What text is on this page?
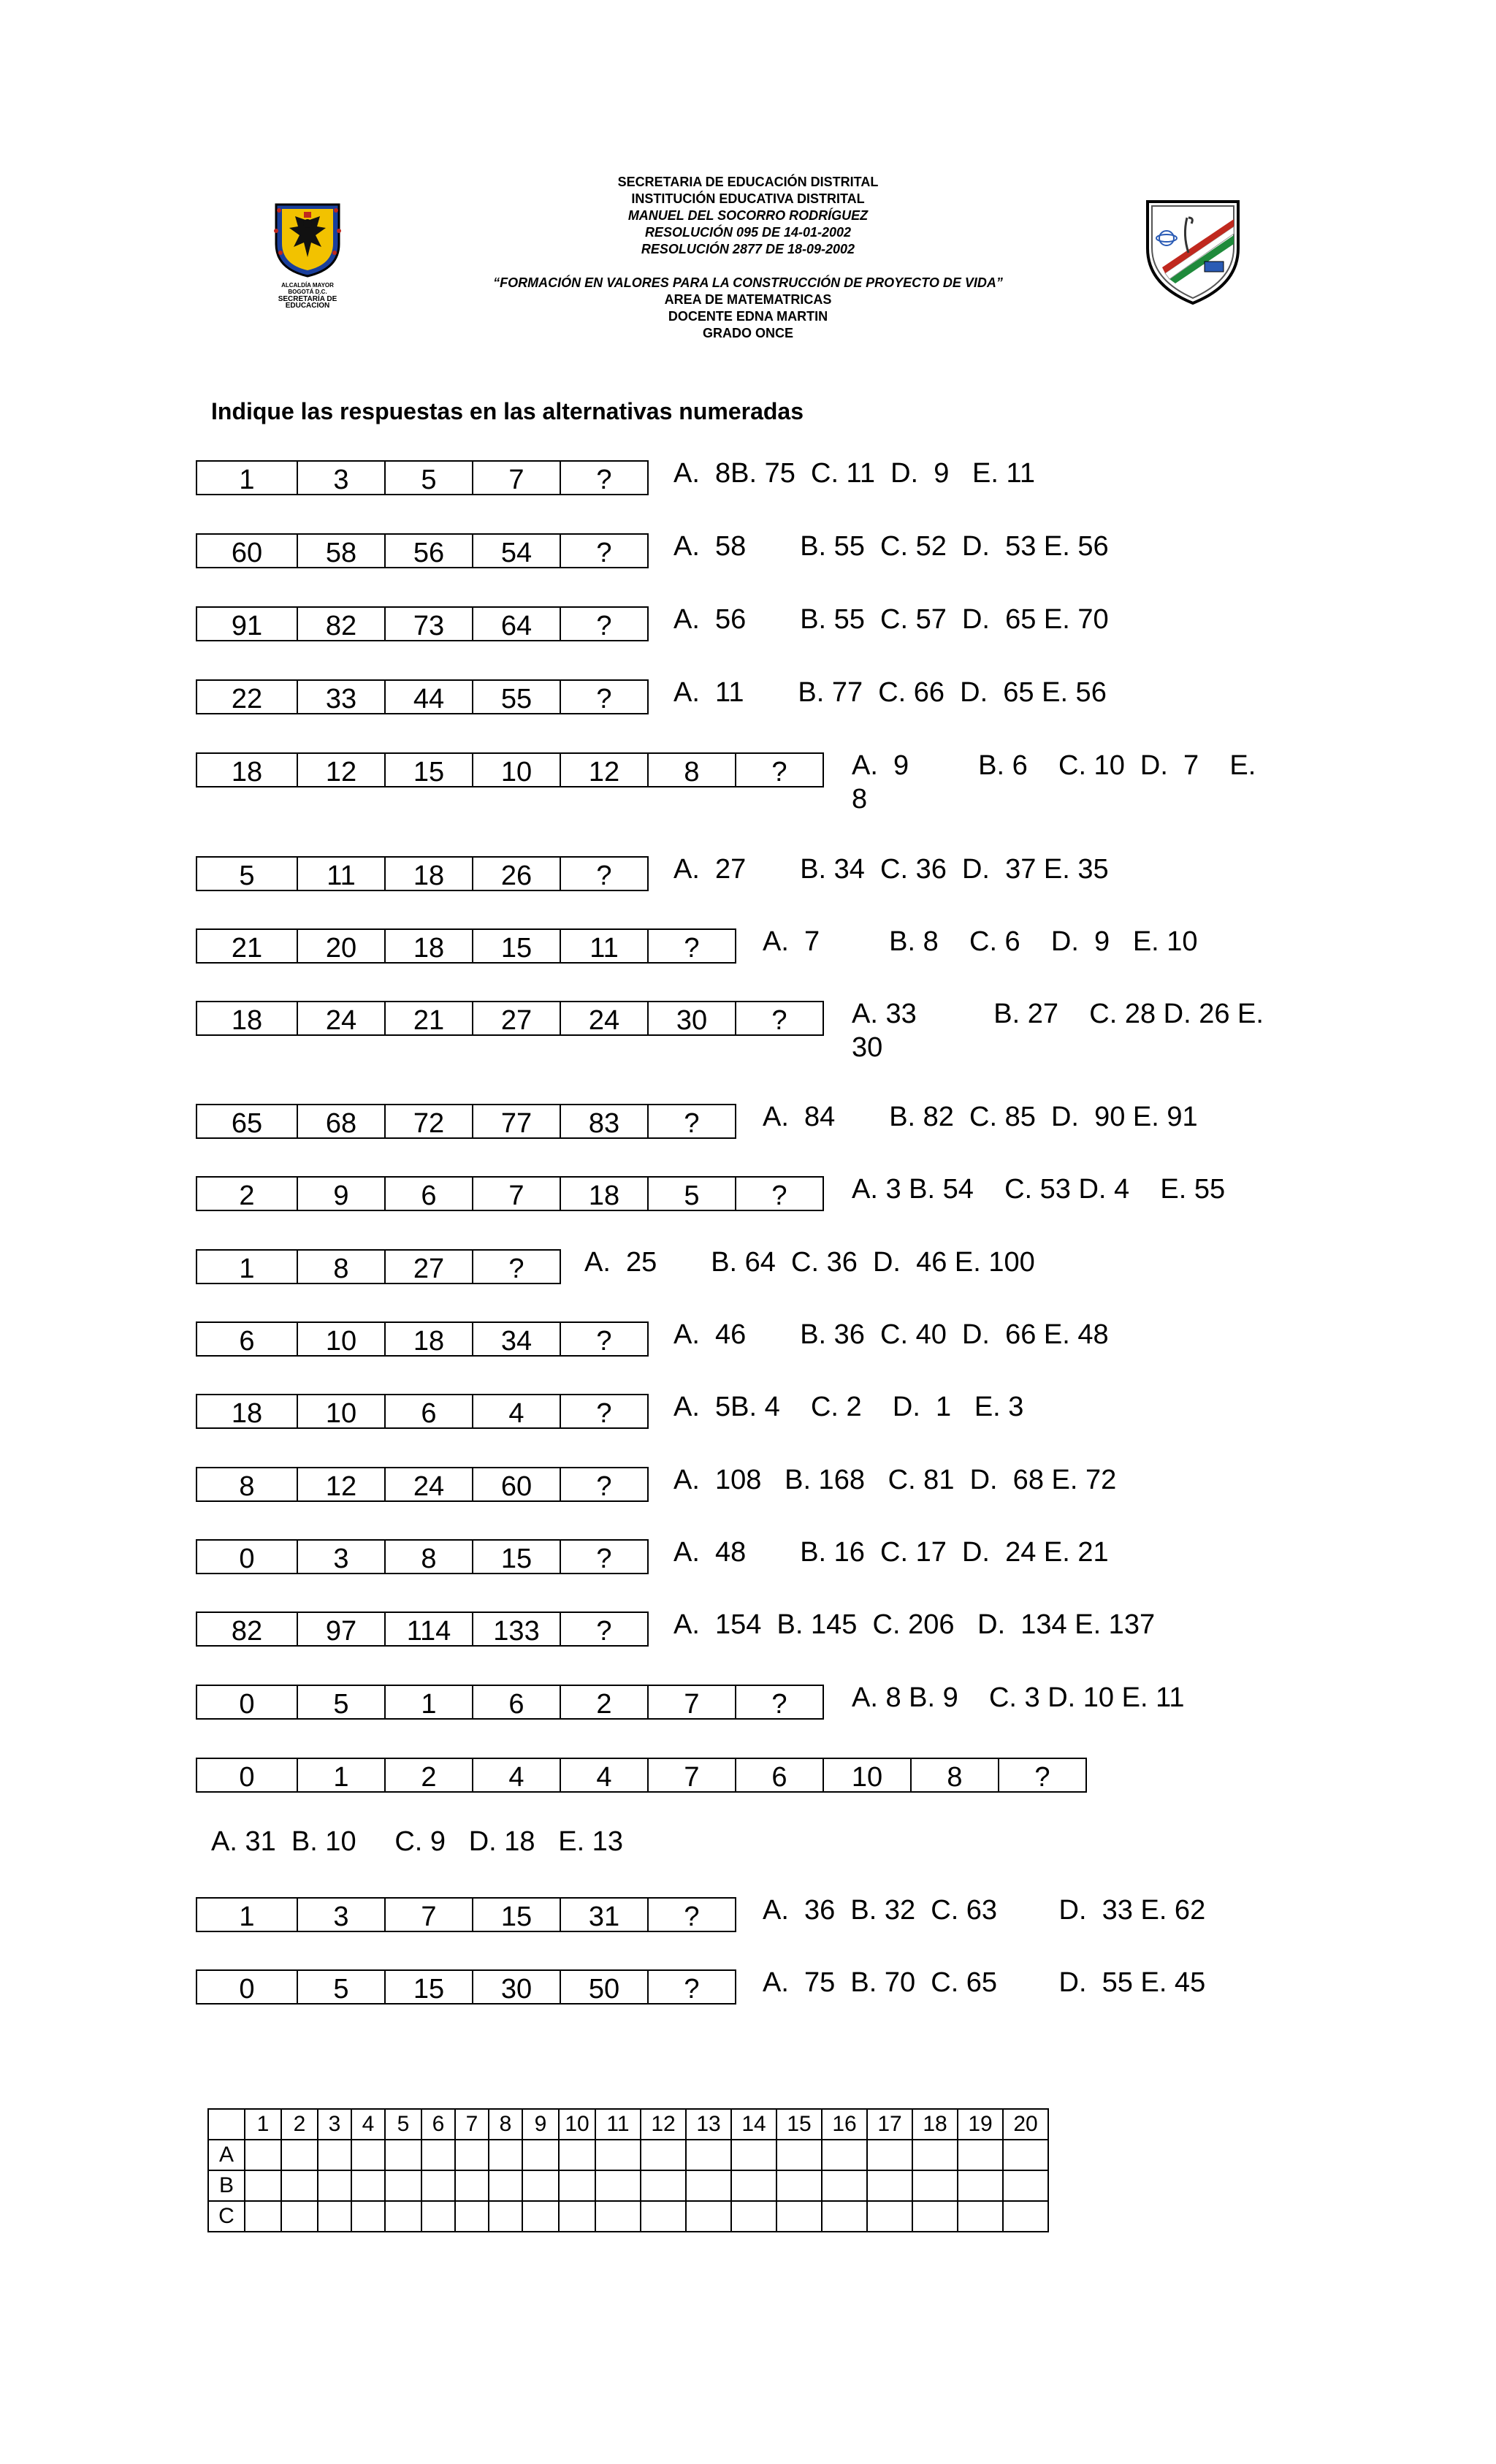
SECRETARIA DE EDUCACIÓN DISTRITAL
INSTITUCIÓN EDUCATIVA DISTRITAL
MANUEL DEL SOCORRO RODRÍGUEZ
RESOLUCIÓN 095 DE 14-01-2002
RESOLUCIÓN 2877 DE 18-09-2002
“FORMACIÓN EN VALORES PARA LA CONSTRUCCIÓN DE PROYECTO DE VIDA”
AREA DE MATEMATRICAS
DOCENTE EDNA MARTIN
GRADO ONCE
ALCALDÍA MAYOR
BOGOTÁ D.C.
SECRETARÍA DE EDUCACION
Indique las respuestas en las alternativas numeradas
1	3	5	7	?	A.  8B. 75  C. 11  D.  9   E. 11
60	58	56	54	?	A.  58       B. 55  C. 52  D.  53 E. 56
91	82	73	64	?	A.  56       B. 55  C. 57  D.  65 E. 70
22	33	44	55	?	A.  11       B. 77  C. 66  D.  65 E. 56
18	12	15	10	12	8	?	A.  9         B. 6    C. 10  D.  7    E.
8
5	11	18	26	?	A.  27       B. 34  C. 36  D.  37 E. 35
21	20	18	15	11	?	A.  7         B. 8    C. 6    D.  9   E. 10
18	24	21	27	24	30	?	A. 33          B. 27    C. 28 D. 26 E.
30
65	68	72	77	83	?	A.  84       B. 82  C. 85  D.  90 E. 91
2	9	6	7	18	5	?	A. 3 B. 54    C. 53 D. 4    E. 55
1	8	27	?	A.  25       B. 64  C. 36  D.  46 E. 100
6	10	18	34	?	A.  46       B. 36  C. 40  D.  66 E. 48
18	10	6	4	?	A.  5B. 4    C. 2    D.  1   E. 3
8	12	24	60	?	A.  108   B. 168   C. 81  D.  68 E. 72
0	3	8	15	?	A.  48       B. 16  C. 17  D.  24 E. 21
82	97	114	133	?	A.  154  B. 145  C. 206   D.  134 E. 137
0	5	1	6	2	7	?	A. 8 B. 9    C. 3 D. 10 E. 11
0	1	2	4	4	7	6	10	8	?
A. 31  B. 10     C. 9   D. 18   E. 13
1	3	7	15	31	?	A.  36  B. 32  C. 63        D.  33 E. 62
0	5	15	30	50	?	A.  75  B. 70  C. 65        D.  55 E. 45
	1	2	3	4	5	6	7	8	9	10	11	12	13	14	15	16	17	18	19	20
A																				
B																				
C																				
